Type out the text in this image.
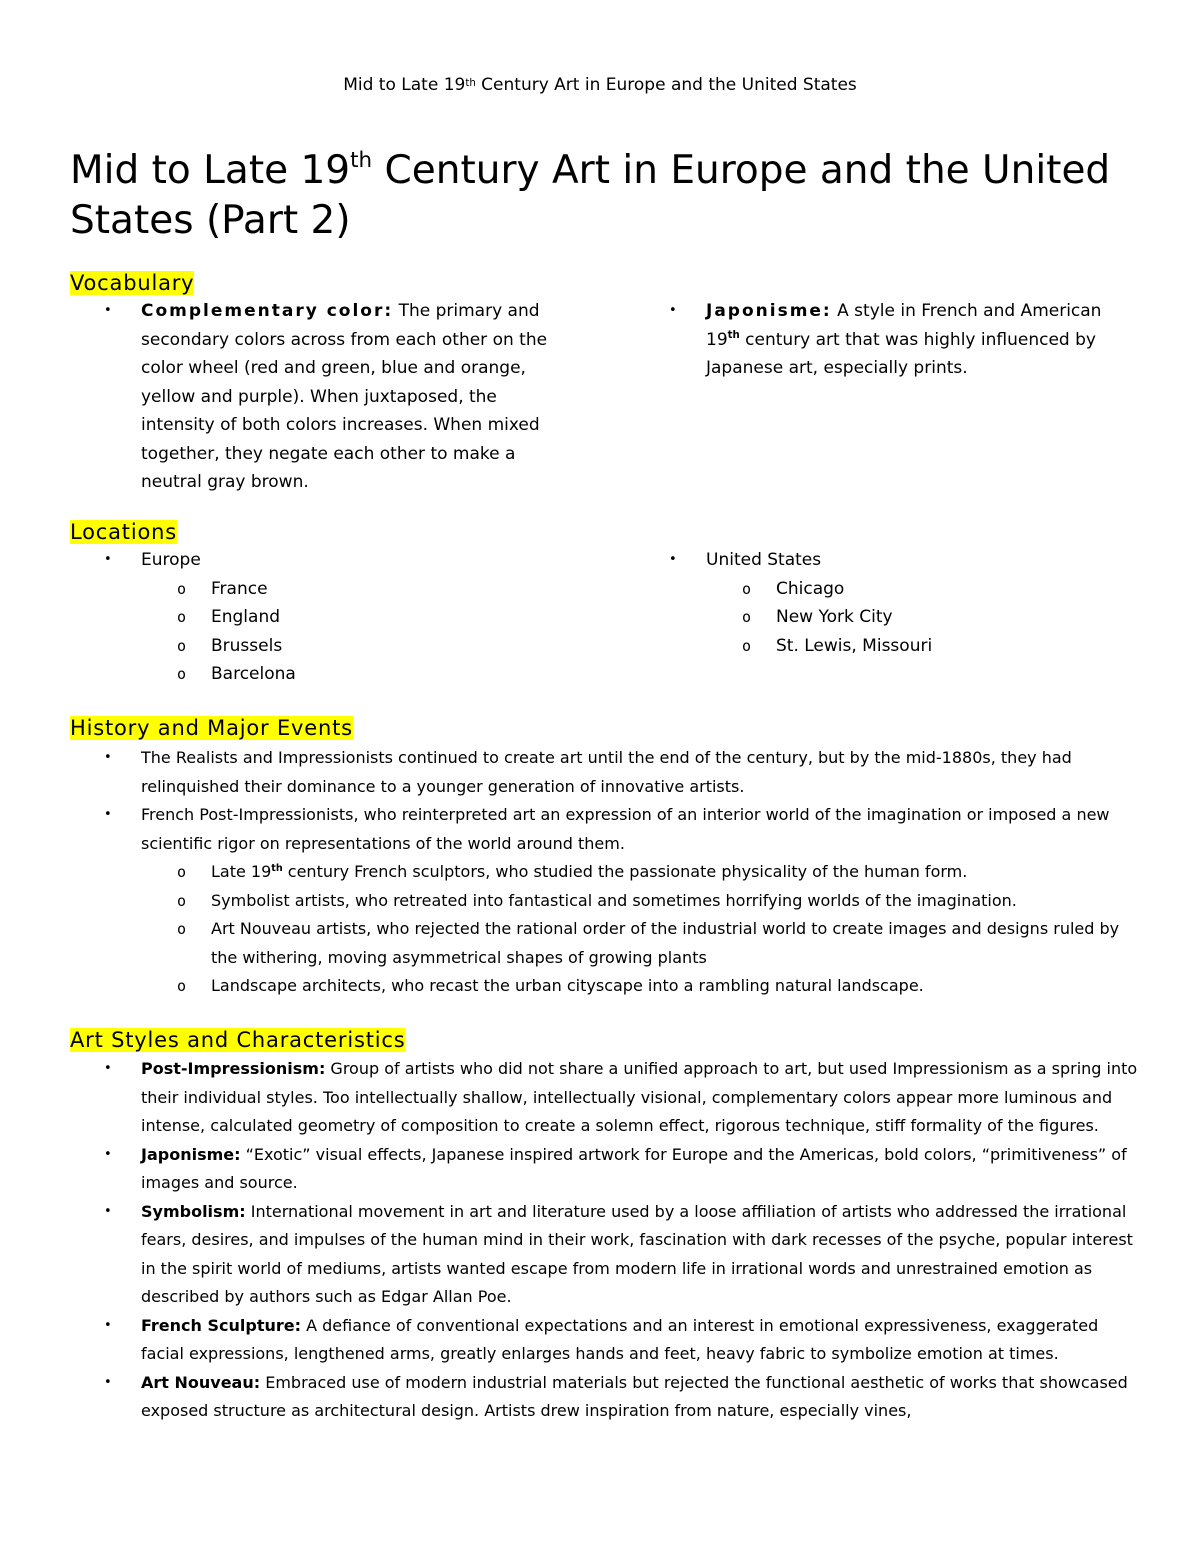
Mid to Late 19th Century Art in Europe and the United States
Mid to Late 19th Century Art in Europe and the United States (Part 2)
Vocabulary
• Complementary color: The primary and secondary colors across from each other on the color wheel (red and green, blue and orange, yellow and purple). When juxtaposed, the intensity of both colors increases. When mixed together, they negate each other to make a neutral gray brown.
• Japonisme: A style in French and American 19th century art that was highly influenced by Japanese art, especially prints.
Locations
• Europe
o France
o England
o Brussels
o Barcelona
• United States
o Chicago
o New York City
o St. Lewis, Missouri
History and Major Events
• The Realists and Impressionists continued to create art until the end of the century, but by the mid-1880s, they had relinquished their dominance to a younger generation of innovative artists.
• French Post-Impressionists, who reinterpreted art an expression of an interior world of the imagination or imposed a new scientific rigor on representations of the world around them.
o Late 19th century French sculptors, who studied the passionate physicality of the human form.
o Symbolist artists, who retreated into fantastical and sometimes horrifying worlds of the imagination.
o Art Nouveau artists, who rejected the rational order of the industrial world to create images and designs ruled by the withering, moving asymmetrical shapes of growing plants
o Landscape architects, who recast the urban cityscape into a rambling natural landscape.
Art Styles and Characteristics
• Post-Impressionism: Group of artists who did not share a unified approach to art, but used Impressionism as a spring into their individual styles. Too intellectually shallow, intellectually visional, complementary colors appear more luminous and intense, calculated geometry of composition to create a solemn effect, rigorous technique, stiff formality of the figures.
• Japonisme: “Exotic” visual effects, Japanese inspired artwork for Europe and the Americas, bold colors, “primitiveness” of images and source.
• Symbolism: International movement in art and literature used by a loose affiliation of artists who addressed the irrational fears, desires, and impulses of the human mind in their work, fascination with dark recesses of the psyche, popular interest in the spirit world of mediums, artists wanted escape from modern life in irrational words and unrestrained emotion as described by authors such as Edgar Allan Poe.
• French Sculpture: A defiance of conventional expectations and an interest in emotional expressiveness, exaggerated facial expressions, lengthened arms, greatly enlarges hands and feet, heavy fabric to symbolize emotion at times.
• Art Nouveau: Embraced use of modern industrial materials but rejected the functional aesthetic of works that showcased exposed structure as architectural design. Artists drew inspiration from nature, especially vines,
